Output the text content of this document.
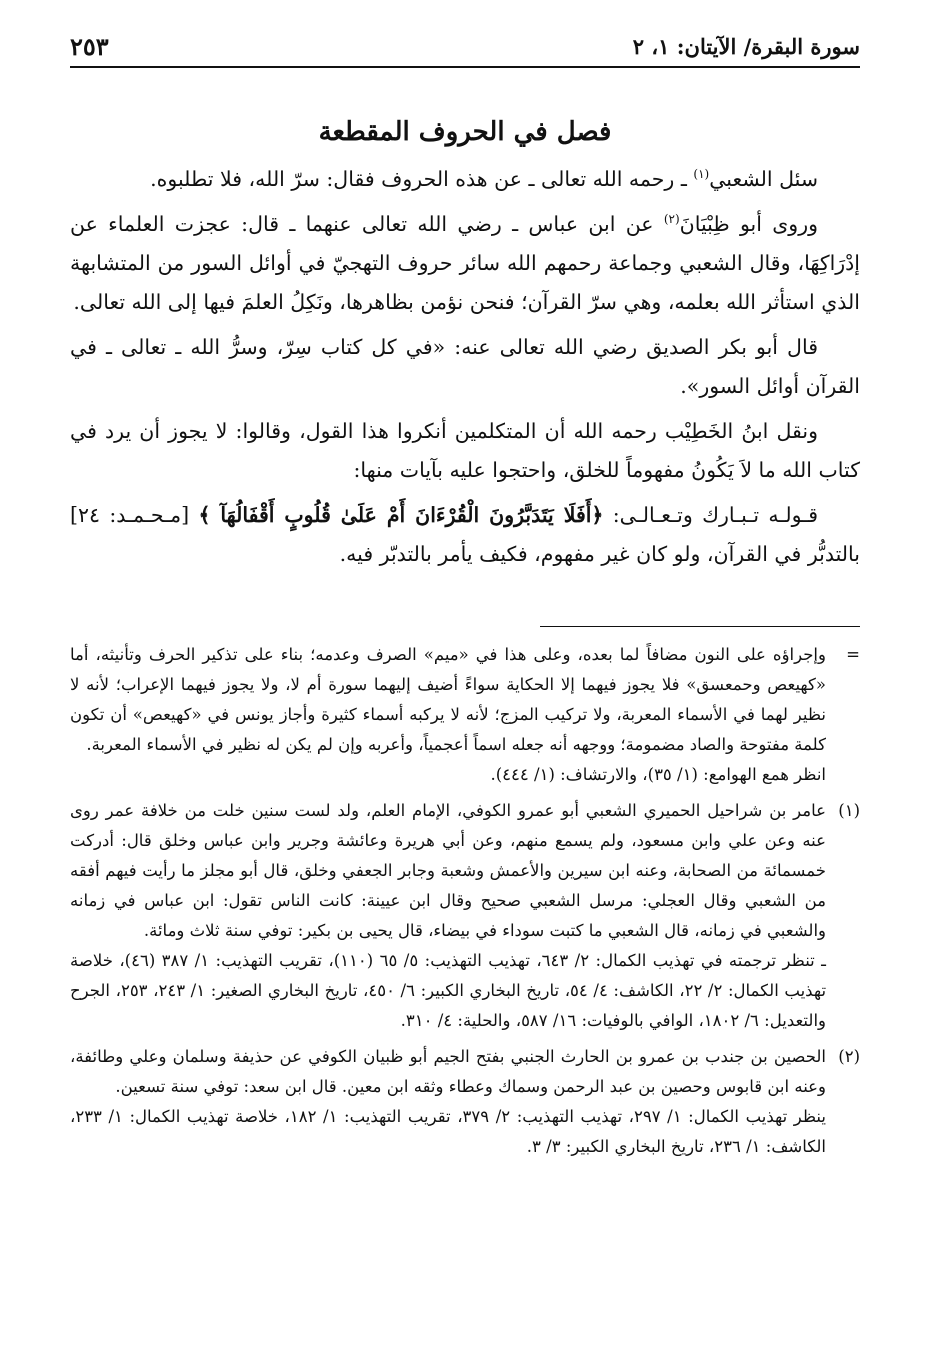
سورة البقرة/ الآيتان: ١، ٢
٢٥٣
فصل في الحروف المقطعة

سئل الشعبي$^{(١)}$ ـ رحمه الله تعالى ـ عن هذه الحروف فقال: سرّ الله، فلا تطلبوه.

وروى أبو ظِبْيَانَ$^{(٢)}$ عن ابن عباس ـ رضي الله تعالى عنهما ـ قال: عجزت العلماء عن إدْرَاكِهَا، وقال الشعبي وجماعة رحمهم الله سائر حروف التهجيّ في أوائل السور من المتشابهة الذي استأثر الله بعلمه، وهي سرّ القرآن؛ فنحن نؤمن بظاهرها، ونَكِلُ العلمَ فيها إلى الله تعالى.

قال أبو بكر الصديق رضي الله تعالى عنه: «في كل كتاب سِرّ، وسرُّ الله ـ تعالى ـ في القرآن أوائل السور».

ونقل ابنُ الخَطِيْب رحمه الله أن المتكلمين أنكروا هذا القول، وقالوا: لا يجوز أن يرد في كتاب الله ما لاَ يَكُونُ مفهوماً للخلق، واحتجوا عليه بآيات منها:

قـولـه تـبـارك وتـعـالـى: ﴿أَفَلَا يَتَدَبَّرُونَ الْقُرْءَانَ أَمْ عَلَىٰ قُلُوبٍ أَقْفَالُهَآ ﴾ [مـحـمـد: ٢٤] بالتدبُّر في القرآن، ولو كان غير مفهوم، فكيف يأمر بالتدبّر فيه.

=
وإجراؤه على النون مضافاً لما بعده، وعلى هذا في «ميم» الصرف وعدمه؛ بناء على تذكير الحرف وتأنيثه، أما «كهيعص وحمعسق» فلا يجوز فيهما إلا الحكاية سواءً أضيف إليهما سورة أم لا، ولا يجوز فيهما الإعراب؛ لأنه لا نظير لهما في الأسماء المعربة، ولا تركيب المزج؛ لأنه لا يركبه أسماء كثيرة وأجاز يونس في «كهيعص» أن تكون كلمة مفتوحة والصاد مضمومة؛ ووجهه أنه جعله اسماً أعجمياً، وأعربه وإن لم يكن له نظير في الأسماء المعربة.

انظر همع الهوامع: (١/ ٣٥)، والارتشاف: (١/ ٤٤٤).

(١)
عامر بن شراحيل الحميري الشعبي أبو عمرو الكوفي، الإمام العلم، ولد لست سنين خلت من خلافة عمر روى عنه وعن علي وابن مسعود، ولم يسمع منهم، وعن أبي هريرة وعائشة وجرير وابن عباس وخلق قال: أدركت خمسمائة من الصحابة، وعنه ابن سيرين والأعمش وشعبة وجابر الجعفي وخلق، قال أبو مجلز ما رأيت فيهم أفقه من الشعبي وقال العجلي: مرسل الشعبي صحيح وقال ابن عيينة: كانت الناس تقول: ابن عباس في زمانه والشعبي في زمانه، قال الشعبي ما كتبت سوداء في بيضاء، قال يحيى بن بكير: توفي سنة ثلاث ومائة.

ـ تنظر ترجمته في تهذيب الكمال: ٢/ ٦٤٣، تهذيب التهذيب: ٥/ ٦٥ (١١٠)، تقريب التهذيب: ١/ ٣٨٧ (٤٦)، خلاصة تهذيب الكمال: ٢/ ٢٢، الكاشف: ٤/ ٥٤، تاريخ البخاري الكبير: ٦/ ٤٥٠، تاريخ البخاري الصغير: ١/ ٢٤٣، ٢٥٣، الجرح والتعديل: ٦/ ١٨٠٢، الوافي بالوفيات: ١٦/ ٥٨٧، والحلية: ٤/ ٣١٠.

(٢)
الحصين بن جندب بن عمرو بن الحارث الجنبي بفتح الجيم أبو ظبيان الكوفي عن حذيفة وسلمان وعلي وطائفة، وعنه ابن قابوس وحصين بن عبد الرحمن وسماك وعطاء وثقه ابن معين. قال ابن سعد: توفي سنة تسعين.

ينظر تهذيب الكمال: ١/ ٢٩٧، تهذيب التهذيب: ٢/ ٣٧٩، تقريب التهذيب: ١/ ١٨٢، خلاصة تهذيب الكمال: ١/ ٢٣٣، الكاشف: ١/ ٢٣٦، تاريخ البخاري الكبير: ٣/ ٣.
